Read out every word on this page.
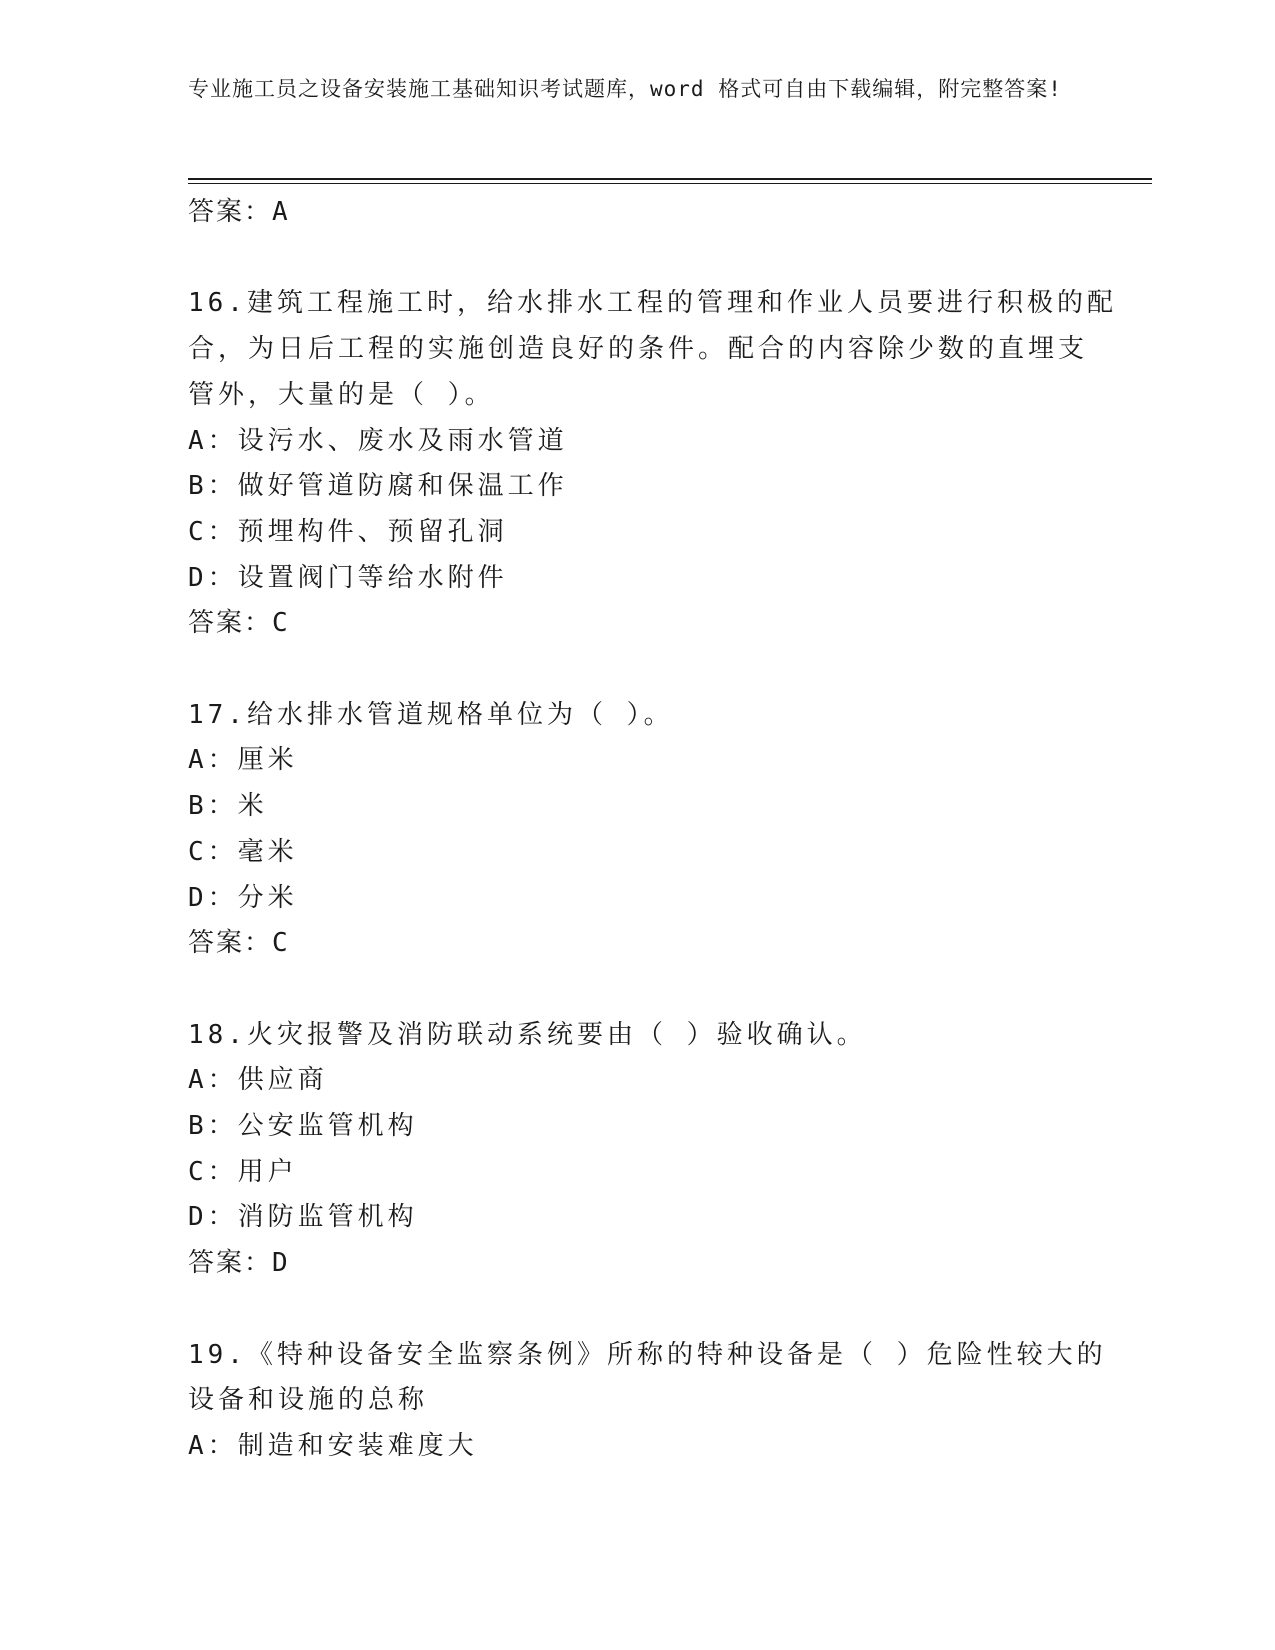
专业施工员之设备安装施工基础知识考试题库，word 格式可自由下载编辑，附完整答案!
答案：A
16.建筑工程施工时，给水排水工程的管理和作业人员要进行积极的配
合，为日后工程的实施创造良好的条件。配合的内容除少数的直埋支
管外，大量的是（ ）。
A：设污水、废水及雨水管道
B：做好管道防腐和保温工作
C：预埋构件、预留孔洞
D：设置阀门等给水附件
答案：C
17.给水排水管道规格单位为（ ）。
A：厘米
B：米
C：毫米
D：分米
答案：C
18.火灾报警及消防联动系统要由（ ）验收确认。
A：供应商
B：公安监管机构
C：用户
D：消防监管机构
答案：D
19.《特种设备安全监察条例》所称的特种设备是（ ）危险性较大的
设备和设施的总称
A：制造和安装难度大
